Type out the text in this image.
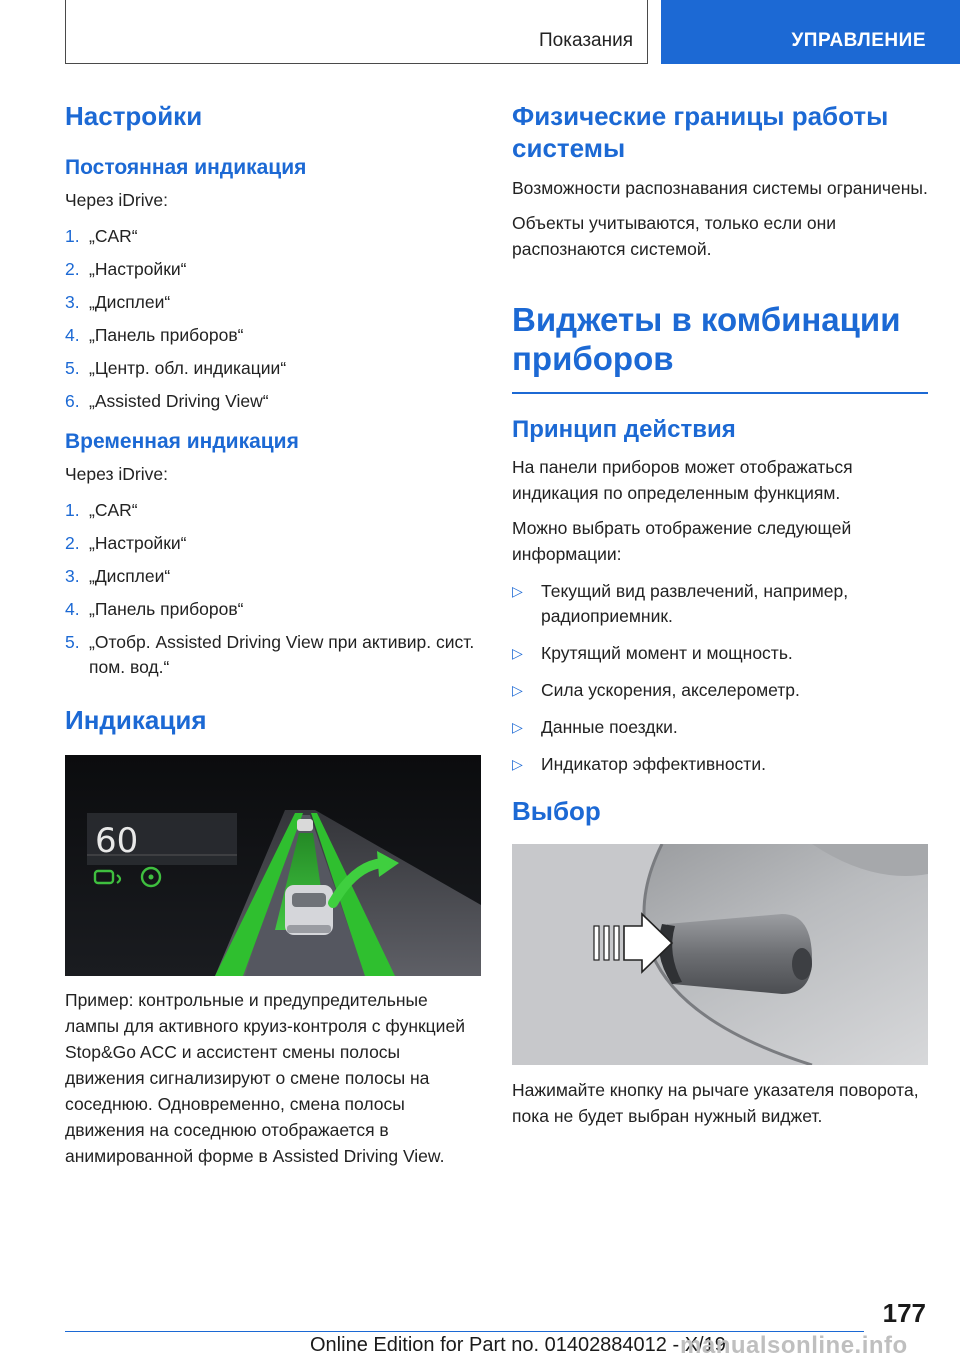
Показания	УПРАВЛЕНИЕ
Настройки
Постоянная индикация

Через iDrive:

1. „CAR“
2. „Настройки“
3. „Дисплеи“
4. „Панель приборов“
5. „Центр. обл. индикации“
6. „Assisted Driving View“
Временная индикация

Через iDrive:

1. „CAR“
2. „Настройки“
3. „Дисплеи“
4. „Панель приборов“
5. „Отобр. Assisted Driving View при активир. сист. пом. вод.“
Индикация
60

Пример: контрольные и предупредительные лампы для активного круиз-контроля с функцией Stop&Go ACC и ассистент смены полосы движения сигнализируют о смене полосы на соседнюю. Одновременно, смена полосы движения на соседнюю отображается в анимированной форме в Assisted Driving View.

Физические границы работы системы

Возможности распознавания системы ограничены.

Объекты учитываются, только если они распознаются системой.

Виджеты в комбинации приборов
Принцип действия

На панели приборов может отображаться индикация по определенным функциям.

Можно выбрать отображение следующей информации:

▷ Текущий вид развлечений, например, радиоприемник.
▷ Крутящий момент и мощность.
▷ Сила ускорения, акселерометр.
▷ Данные поездки.
▷ Индикатор эффективности.
Выбор

Нажимайте кнопку на рычаге указателя поворота, пока не будет выбран нужный виджет.

177
Online Edition for Part no. 01402884012 - X/19
manualsonline.info
